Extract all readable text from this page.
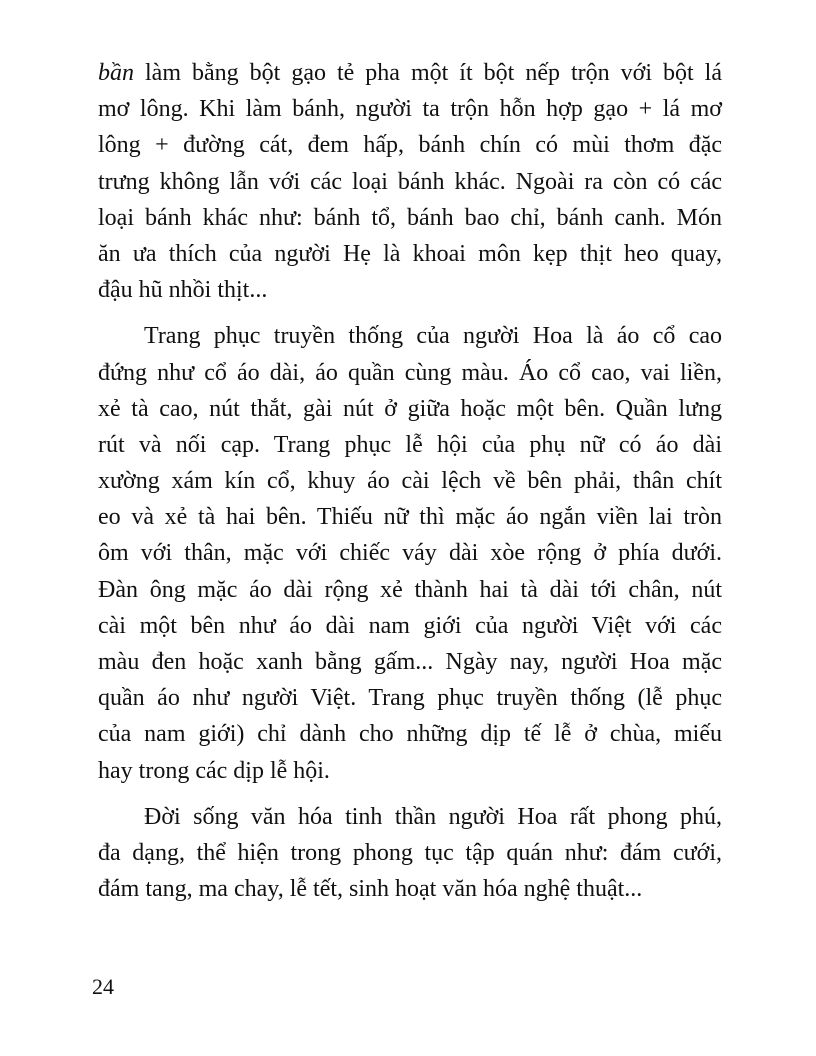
bần làm bằng bột gạo tẻ pha một ít bột nếp trộn với bột lá
mơ lông. Khi làm bánh, người ta trộn hỗn hợp gạo + lá mơ
lông + đường cát, đem hấp, bánh chín có mùi thơm đặc
trưng không lẫn với các loại bánh khác. Ngoài ra còn có các
loại bánh khác như: bánh tổ, bánh bao chỉ, bánh canh. Món
ăn ưa thích của người Hẹ là khoai môn kẹp thịt heo quay,
đậu hũ nhồi thịt...
Trang phục truyền thống của người Hoa là áo cổ cao
đứng như cổ áo dài, áo quần cùng màu. Áo cổ cao, vai liền,
xẻ tà cao, nút thắt, gài nút ở giữa hoặc một bên. Quần lưng
rút và nối cạp. Trang phục lễ hội của phụ nữ có áo dài
xường xám kín cổ, khuy áo cài lệch về bên phải, thân chít
eo và xẻ tà hai bên. Thiếu nữ thì mặc áo ngắn viền lai tròn
ôm với thân, mặc với chiếc váy dài xòe rộng ở phía dưới.
Đàn ông mặc áo dài rộng xẻ thành hai tà dài tới chân, nút
cài một bên như áo dài nam giới của người Việt với các
màu đen hoặc xanh bằng gấm... Ngày nay, người Hoa mặc
quần áo như người Việt. Trang phục truyền thống (lễ phục
của nam giới) chỉ dành cho những dịp tế lễ ở chùa, miếu
hay trong các dịp lễ hội.
Đời sống văn hóa tinh thần người Hoa rất phong phú,
đa dạng, thể hiện trong phong tục tập quán như: đám cưới,
đám tang, ma chay, lễ tết, sinh hoạt văn hóa nghệ thuật...
24
